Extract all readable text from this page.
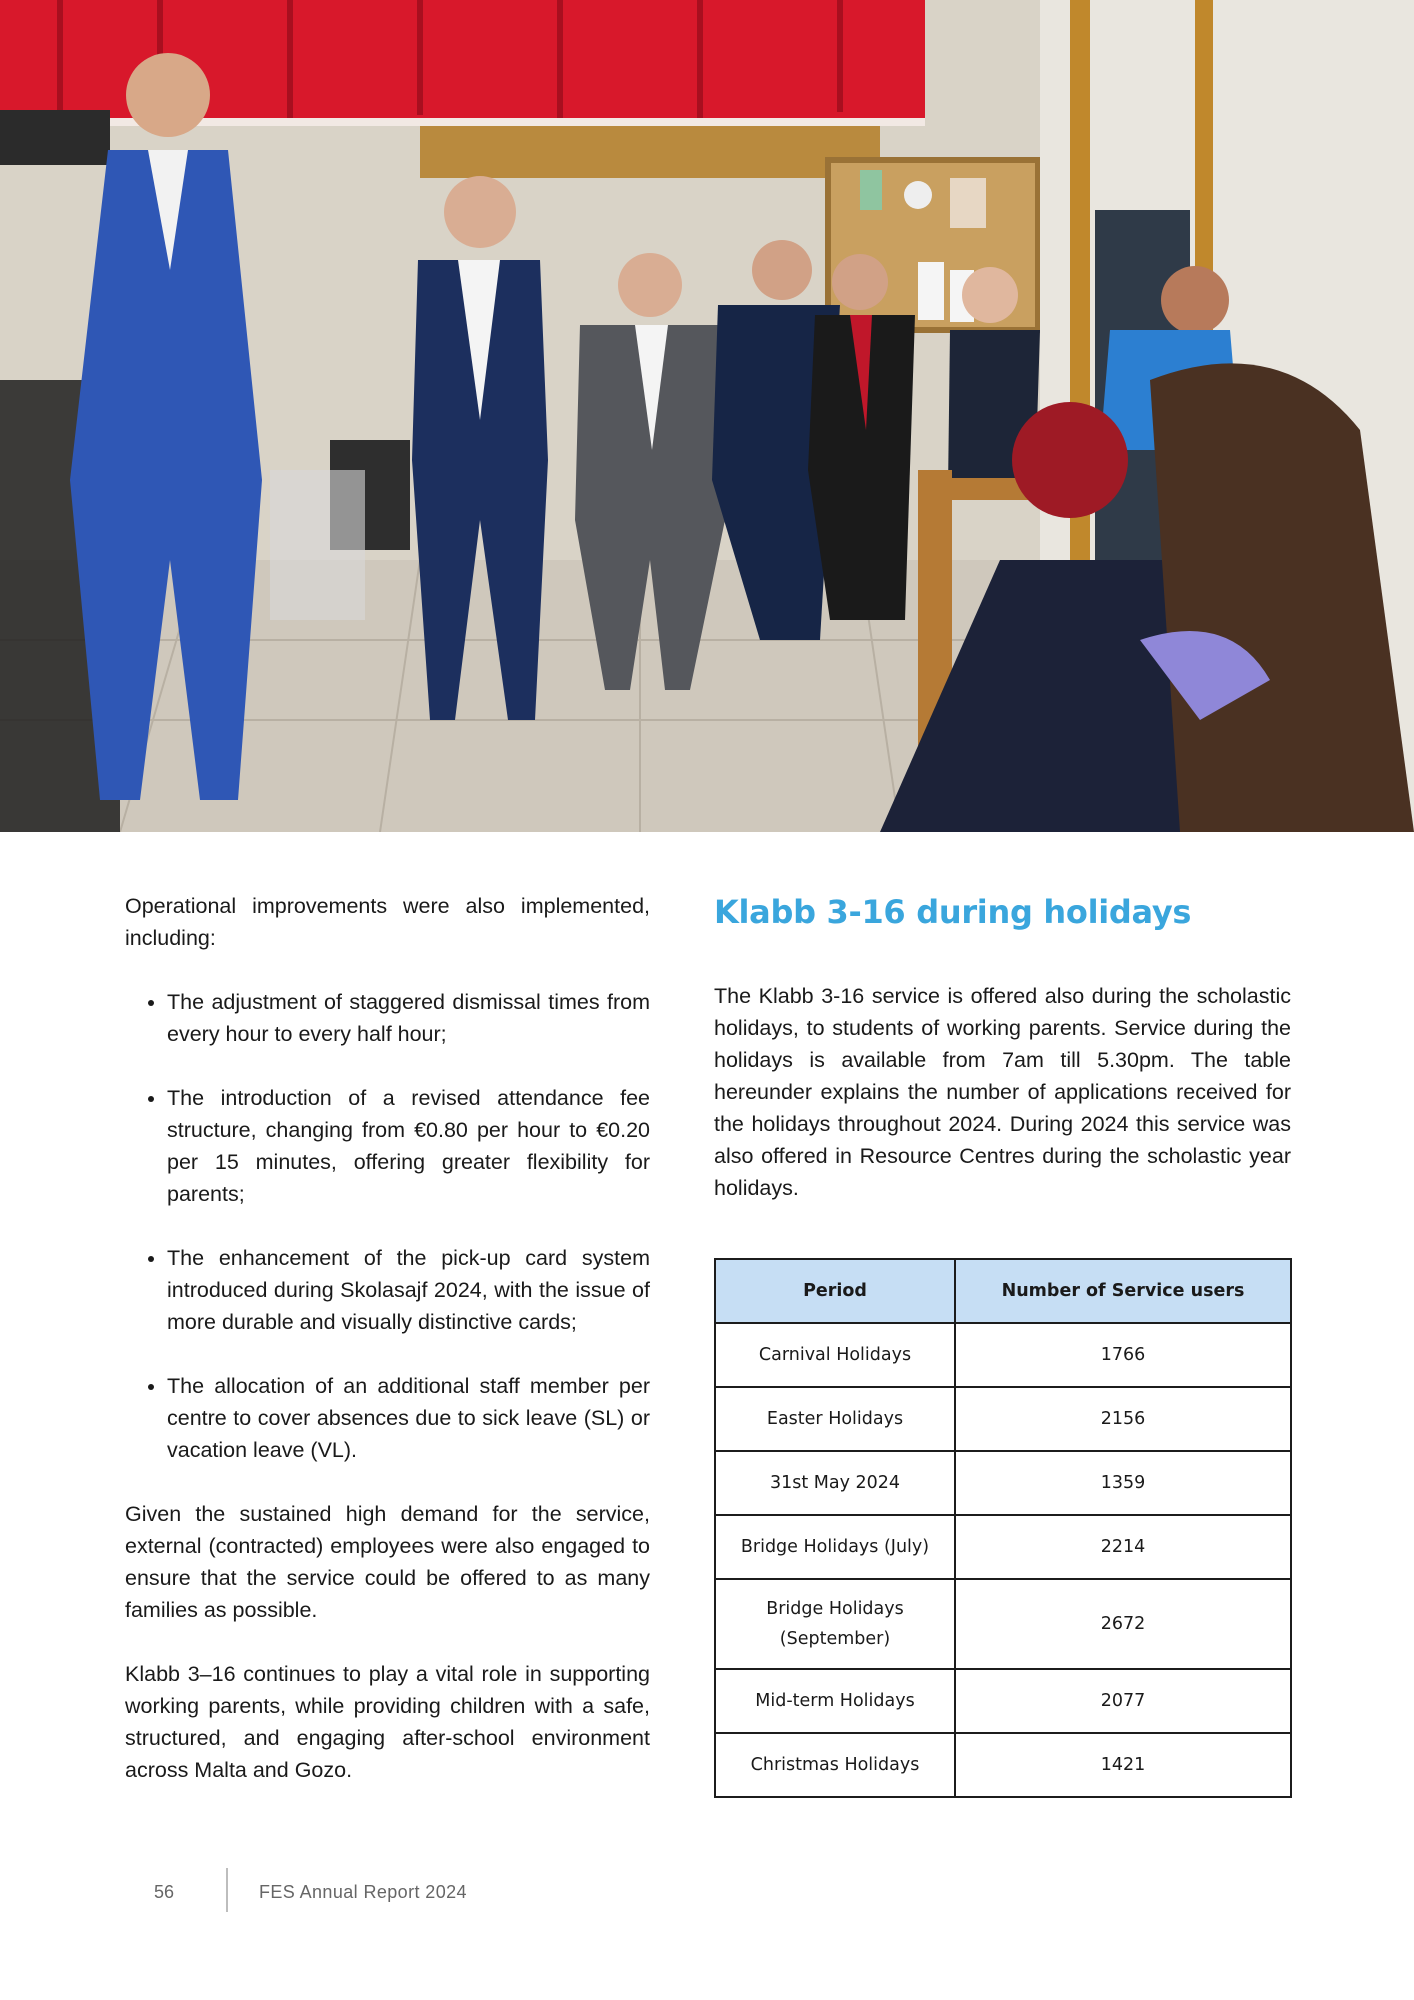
Operational improvements were also implemented, including:

• The adjustment of staggered dismissal times from every hour to every half hour;
• The introduction of a revised attendance fee structure, changing from €0.80 per hour to €0.20 per 15 minutes, offering greater flexibility for parents;
• The enhancement of the pick-up card system introduced during Skolasajf 2024, with the issue of more durable and visually distinctive cards;
• The allocation of an additional staff member per centre to cover absences due to sick leave (SL) or vacation leave (VL).

Given the sustained high demand for the service, external (contracted) employees were also engaged to ensure that the service could be offered to as many families as possible.

Klabb 3–16 continues to play a vital role in supporting working parents, while providing children with a safe, structured, and engaging after-school environment across Malta and Gozo.

Klabb 3-16 during holidays

The Klabb 3-16 service is offered also during the scholastic holidays, to students of working parents. Service during the holidays is available from 7am till 5.30pm. The table hereunder explains the number of applications received for the holidays throughout 2024. During 2024 this service was also offered in Resource Centres during the scholastic year holidays.

Period	Number of Service users
Carnival Holidays	1766
Easter Holidays	2156
31st May 2024	1359
Bridge Holidays (July)	2214
Bridge Holidays (September)	2672
Mid-term Holidays	2077
Christmas Holidays	1421
56	FES Annual Report 2024
